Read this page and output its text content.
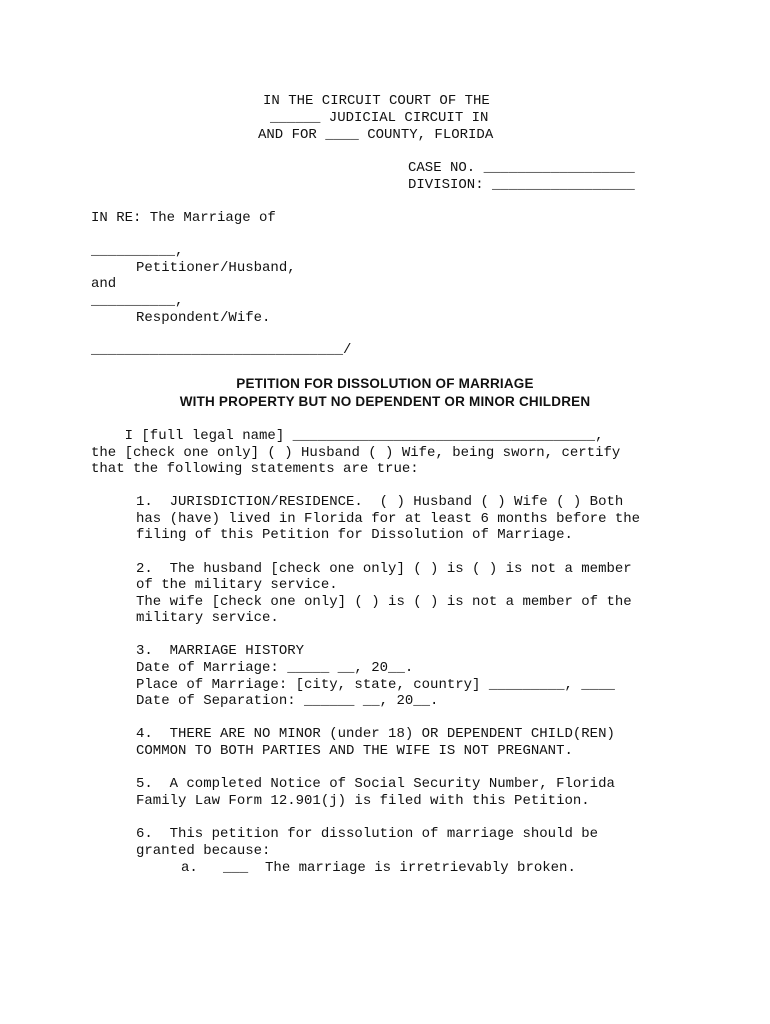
IN THE CIRCUIT COURT OF THE

______ JUDICIAL CIRCUIT IN

AND FOR ____ COUNTY, FLORIDA

CASE NO. __________________

DIVISION: _________________

IN RE: The Marriage of

__________,

Petitioner/Husband,

and

__________,

Respondent/Wife.

______________________________/

PETITION FOR DISSOLUTION OF MARRIAGE

WITH PROPERTY BUT NO DEPENDENT OR MINOR CHILDREN

I [full legal name] ____________________________________,

the [check one only] ( ) Husband ( ) Wife, being sworn, certify

that the following statements are true:

1.  JURISDICTION/RESIDENCE.  ( ) Husband ( ) Wife ( ) Both

has (have) lived in Florida for at least 6 months before the

filing of this Petition for Dissolution of Marriage.

2.  The husband [check one only] ( ) is ( ) is not a member

of the military service.

The wife [check one only] ( ) is ( ) is not a member of the

military service.

3.  MARRIAGE HISTORY

Date of Marriage: _____ __, 20__.

Place of Marriage: [city, state, country] _________, ____

Date of Separation: ______ __, 20__.

4.  THERE ARE NO MINOR (under 18) OR DEPENDENT CHILD(REN)

COMMON TO BOTH PARTIES AND THE WIFE IS NOT PREGNANT.

5.  A completed Notice of Social Security Number, Florida

Family Law Form 12.901(j) is filed with this Petition.

6.  This petition for dissolution of marriage should be

granted because:

a.   ___  The marriage is irretrievably broken.
